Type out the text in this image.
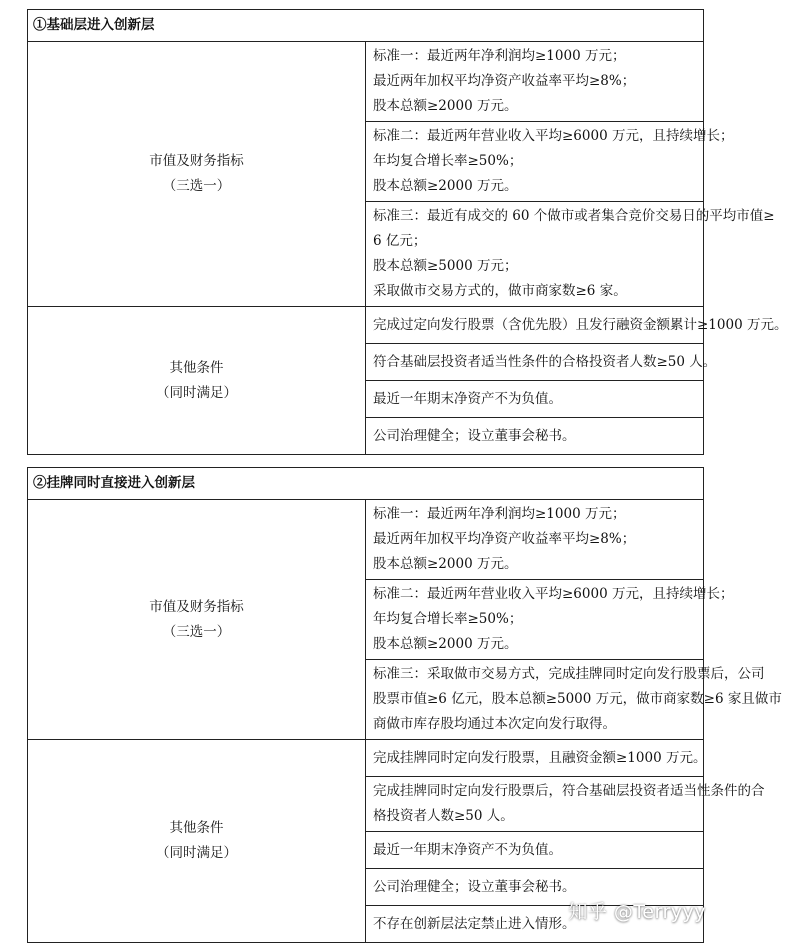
①基础层进入创新层	

市值及财务指标
（三选一）	标准一：最近两年净利润均≥1000 万元；
最近两年加权平均净资产收益率平均≥8%；
股本总额≥2000 万元。

	标准二：最近两年营业收入平均≥6000 万元，且持续增长；
年均复合增长率≥50%；
股本总额≥2000 万元。

	标准三：最近有成交的 60 个做市或者集合竞价交易日的平均市值≥
6 亿元；
股本总额≥5000 万元；
采取做市交易方式的，做市商家数≥6 家。

其他条件
（同时满足）	完成过定向发行股票（含优先股）且发行融资金额累计≥1000 万元。

	符合基础层投资者适当性条件的合格投资者人数≥50 人。

	最近一年期末净资产不为负值。

	公司治理健全；设立董事会秘书。
②挂牌同时直接进入创新层	

市值及财务指标
（三选一）	标准一：最近两年净利润均≥1000 万元；
最近两年加权平均净资产收益率平均≥8%；
股本总额≥2000 万元。

	标准二：最近两年营业收入平均≥6000 万元，且持续增长；
年均复合增长率≥50%；
股本总额≥2000 万元。

	标准三：采取做市交易方式，完成挂牌同时定向发行股票后，公司
股票市值≥6 亿元，股本总额≥5000 万元，做市商家数≥6 家且做市
商做市库存股均通过本次定向发行取得。

其他条件
（同时满足）	完成挂牌同时定向发行股票，且融资金额≥1000 万元。

	完成挂牌同时定向发行股票后，符合基础层投资者适当性条件的合
格投资者人数≥50 人。

	最近一年期末净资产不为负值。

	公司治理健全；设立董事会秘书。

	不存在创新层法定禁止进入情形。
知乎 @Terryyy
